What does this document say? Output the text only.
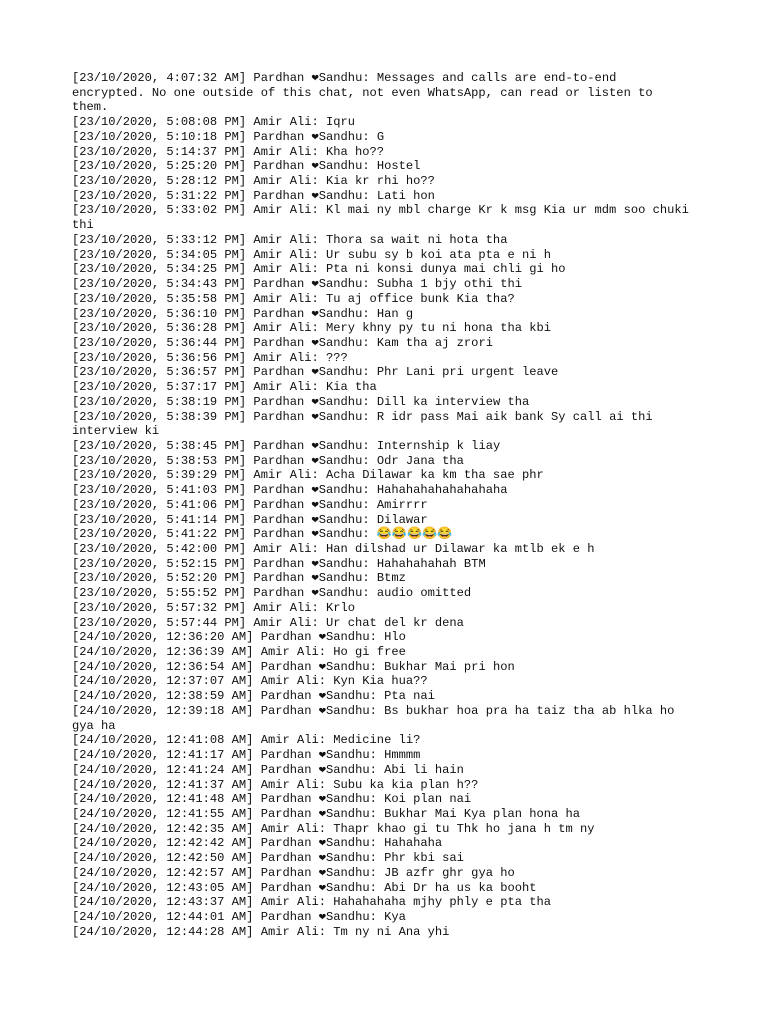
[23/10/2020, 4:07:32 AM] Pardhan ❤Sandhu: Messages and calls are end-to-end encrypted. No one outside of this chat, not even WhatsApp, can read or listen to them.
[23/10/2020, 5:08:08 PM] Amir Ali: Iqru
[23/10/2020, 5:10:18 PM] Pardhan ❤Sandhu: G
[23/10/2020, 5:14:37 PM] Amir Ali: Kha ho??
[23/10/2020, 5:25:20 PM] Pardhan ❤Sandhu: Hostel
[23/10/2020, 5:28:12 PM] Amir Ali: Kia kr rhi ho??
[23/10/2020, 5:31:22 PM] Pardhan ❤Sandhu: Lati hon
[23/10/2020, 5:33:02 PM] Amir Ali: Kl mai ny mbl charge Kr k msg Kia ur mdm soo chuki thi
[23/10/2020, 5:33:12 PM] Amir Ali: Thora sa wait ni hota tha
[23/10/2020, 5:34:05 PM] Amir Ali: Ur subu sy b koi ata pta e ni h
[23/10/2020, 5:34:25 PM] Amir Ali: Pta ni konsi dunya mai chli gi ho
[23/10/2020, 5:34:43 PM] Pardhan ❤Sandhu: Subha 1 bjy othi thi
[23/10/2020, 5:35:58 PM] Amir Ali: Tu aj office bunk Kia tha?
[23/10/2020, 5:36:10 PM] Pardhan ❤Sandhu: Han g
[23/10/2020, 5:36:28 PM] Amir Ali: Mery khny py tu ni hona tha kbi
[23/10/2020, 5:36:44 PM] Pardhan ❤Sandhu: Kam tha aj zrori
[23/10/2020, 5:36:56 PM] Amir Ali: ???
[23/10/2020, 5:36:57 PM] Pardhan ❤Sandhu: Phr Lani pri urgent leave
[23/10/2020, 5:37:17 PM] Amir Ali: Kia tha
[23/10/2020, 5:38:19 PM] Pardhan ❤Sandhu: Dill ka interview tha
[23/10/2020, 5:38:39 PM] Pardhan ❤Sandhu: R idr pass Mai aik bank Sy call ai thi interview ki
[23/10/2020, 5:38:45 PM] Pardhan ❤Sandhu: Internship k liay
[23/10/2020, 5:38:53 PM] Pardhan ❤Sandhu: Odr Jana tha
[23/10/2020, 5:39:29 PM] Amir Ali: Acha Dilawar ka km tha sae phr
[23/10/2020, 5:41:03 PM] Pardhan ❤Sandhu: Hahahahahahahahaha
[23/10/2020, 5:41:06 PM] Pardhan ❤Sandhu: Amirrrr
[23/10/2020, 5:41:14 PM] Pardhan ❤Sandhu: Dilawar
[23/10/2020, 5:41:22 PM] Pardhan ❤Sandhu: 😂😂😂😂😂
[23/10/2020, 5:42:00 PM] Amir Ali: Han dilshad ur Dilawar ka mtlb ek e h
[23/10/2020, 5:52:15 PM] Pardhan ❤Sandhu: Hahahahahah BTM
[23/10/2020, 5:52:20 PM] Pardhan ❤Sandhu: Btmz
[23/10/2020, 5:55:52 PM] Pardhan ❤Sandhu: audio omitted
[23/10/2020, 5:57:32 PM] Amir Ali: Krlo
[23/10/2020, 5:57:44 PM] Amir Ali: Ur chat del kr dena
[24/10/2020, 12:36:20 AM] Pardhan ❤Sandhu: Hlo
[24/10/2020, 12:36:39 AM] Amir Ali: Ho gi free
[24/10/2020, 12:36:54 AM] Pardhan ❤Sandhu: Bukhar Mai pri hon
[24/10/2020, 12:37:07 AM] Amir Ali: Kyn Kia hua??
[24/10/2020, 12:38:59 AM] Pardhan ❤Sandhu: Pta nai
[24/10/2020, 12:39:18 AM] Pardhan ❤Sandhu: Bs bukhar hoa pra ha taiz tha ab hlka ho gya ha
[24/10/2020, 12:41:08 AM] Amir Ali: Medicine li?
[24/10/2020, 12:41:17 AM] Pardhan ❤Sandhu: Hmmmm
[24/10/2020, 12:41:24 AM] Pardhan ❤Sandhu: Abi li hain
[24/10/2020, 12:41:37 AM] Amir Ali: Subu ka kia plan h??
[24/10/2020, 12:41:48 AM] Pardhan ❤Sandhu: Koi plan nai
[24/10/2020, 12:41:55 AM] Pardhan ❤Sandhu: Bukhar Mai Kya plan hona ha
[24/10/2020, 12:42:35 AM] Amir Ali: Thapr khao gi tu Thk ho jana h tm ny
[24/10/2020, 12:42:42 AM] Pardhan ❤Sandhu: Hahahaha
[24/10/2020, 12:42:50 AM] Pardhan ❤Sandhu: Phr kbi sai
[24/10/2020, 12:42:57 AM] Pardhan ❤Sandhu: JB azfr ghr gya ho
[24/10/2020, 12:43:05 AM] Pardhan ❤Sandhu: Abi Dr ha us ka booht
[24/10/2020, 12:43:37 AM] Amir Ali: Hahahahaha mjhy phly e pta tha
[24/10/2020, 12:44:01 AM] Pardhan ❤Sandhu: Kya
[24/10/2020, 12:44:28 AM] Amir Ali: Tm ny ni Ana yhi
